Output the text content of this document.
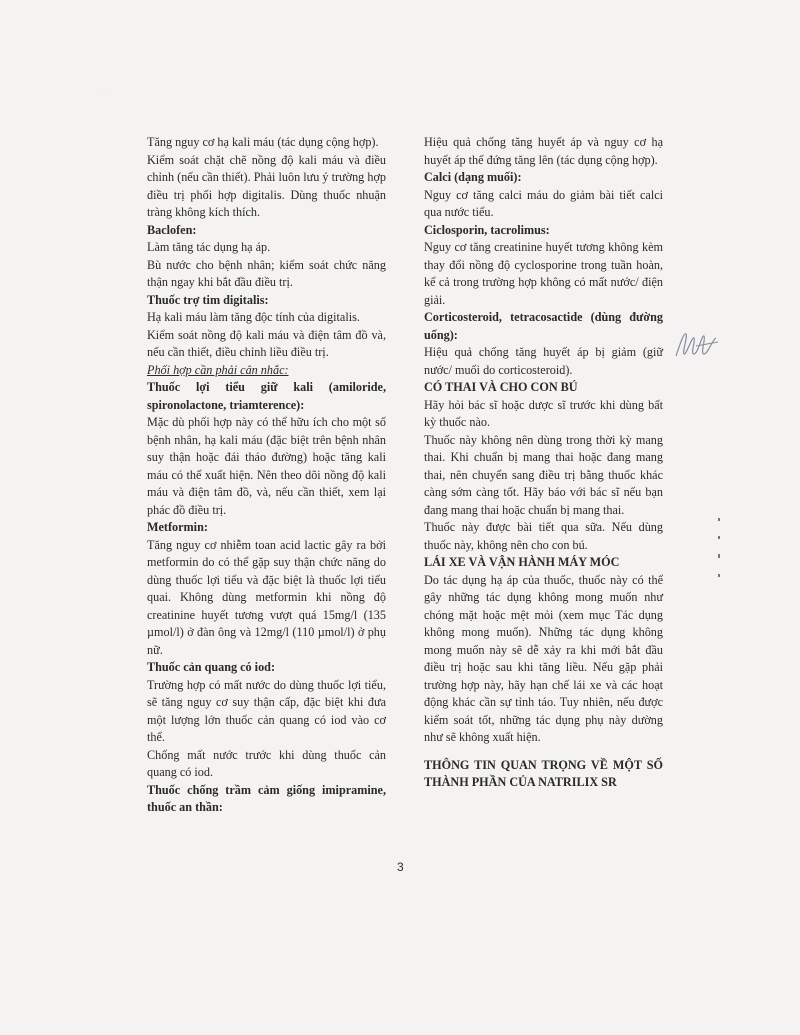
· ·

Tăng nguy cơ hạ kali máu (tác dụng cộng hợp).

Kiểm soát chặt chẽ nồng độ kali máu và điều chỉnh (nếu cần thiết). Phải luôn lưu ý trường hợp điều trị phối hợp digitalis. Dùng thuốc nhuận tràng không kích thích.

Baclofen:

Làm tăng tác dụng hạ áp.

Bù nước cho bệnh nhân; kiểm soát chức năng thận ngay khi bắt đầu điều trị.

Thuốc trợ tim digitalis:

Hạ kali máu làm tăng độc tính của digitalis.

Kiểm soát nồng độ kali máu và điện tâm đồ và, nếu cần thiết, điều chỉnh liều điều trị.

Phối hợp cần phải cân nhắc:

Thuốc lợi tiểu giữ kali (amiloride, spironolactone, triamterence):

Mặc dù phối hợp này có thể hữu ích cho một số bệnh nhân, hạ kali máu (đặc biệt trên bệnh nhân suy thận hoặc đái tháo đường) hoặc tăng kali máu có thể xuất hiện. Nên theo dõi nồng độ kali máu và điện tâm đồ, và, nếu cần thiết, xem lại phác đồ điều trị.

Metformin:

Tăng nguy cơ nhiễm toan acid lactic gây ra bởi metformin do có thể gặp suy thận chức năng do dùng thuốc lợi tiểu và đặc biệt là thuốc lợi tiểu quai. Không dùng metformin khi nồng độ creatinine huyết tương vượt quá 15mg/l (135 µmol/l) ở đàn ông và 12mg/l (110 µmol/l) ở phụ nữ.

Thuốc cản quang có iod:

Trường hợp có mất nước do dùng thuốc lợi tiểu, sẽ tăng nguy cơ suy thận cấp, đặc biệt khi đưa một lượng lớn thuốc cản quang có iod vào cơ thể.

Chống mất nước trước khi dùng thuốc cản quang có iod.

Thuốc chống trầm cảm giống imipramine, thuốc an thần:

Hiệu quả chống tăng huyết áp và nguy cơ hạ huyết áp thế đứng tăng lên (tác dụng cộng hợp).

Calci (dạng muối):

Nguy cơ tăng calci máu do giảm bài tiết calci qua nước tiểu.

Ciclosporin, tacrolimus:

Nguy cơ tăng creatinine huyết tương không kèm thay đổi nồng độ cyclosporine trong tuần hoàn, kể cả trong trường hợp không có mất nước/ điện giải.

Corticosteroid, tetracosactide (dùng đường uống):

Hiệu quả chống tăng huyết áp bị giảm (giữ nước/ muối do corticosteroid).

CÓ THAI VÀ CHO CON BÚ

Hãy hỏi bác sĩ hoặc dược sĩ trước khi dùng bất kỳ thuốc nào.

Thuốc này không nên dùng trong thời kỳ mang thai. Khi chuẩn bị mang thai hoặc đang mang thai, nên chuyển sang điều trị bằng thuốc khác càng sớm càng tốt. Hãy báo với bác sĩ nếu bạn đang mang thai hoặc chuẩn bị mang thai.

Thuốc này được bài tiết qua sữa. Nếu dùng thuốc này, không nên cho con bú.

LÁI XE VÀ VẬN HÀNH MÁY MÓC

Do tác dụng hạ áp của thuốc, thuốc này có thể gây những tác dụng không mong muốn như chóng mặt hoặc mệt mỏi (xem mục Tác dụng không mong muốn). Những tác dụng không mong muốn này sẽ dễ xảy ra khi mới bắt đầu điều trị hoặc sau khi tăng liều. Nếu gặp phải trường hợp này, hãy hạn chế lái xe và các hoạt động khác cần sự tỉnh táo. Tuy nhiên, nếu được kiểm soát tốt, những tác dụng phụ này dường như sẽ không xuất hiện.

THÔNG TIN QUAN TRỌNG VỀ MỘT SỐ THÀNH PHẦN CỦA NATRILIX SR

3
